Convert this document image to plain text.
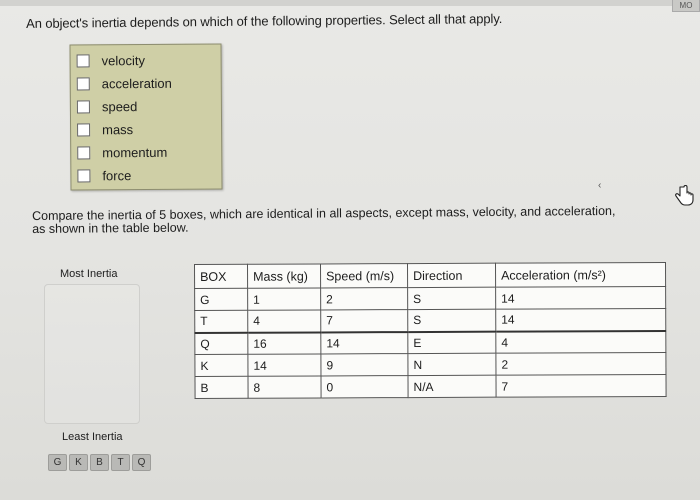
MO
An object's inertia depends on which of the following properties. Select all that apply.
velocity
acceleration
speed
mass
momentum
force
‹
Compare the inertia of 5 boxes, which are identical in all aspects, except mass, velocity, and acceleration,
as shown in the table below.
Most Inertia
Least Inertia
G	K	B	T	Q
BOX	Mass (kg)	Speed (m/s)	Direction	Acceleration (m/s²)
G	1	2	S	14
T	4	7	S	14
Q	16	14	E	4
K	14	9	N	2
B	8	0	N/A	7
